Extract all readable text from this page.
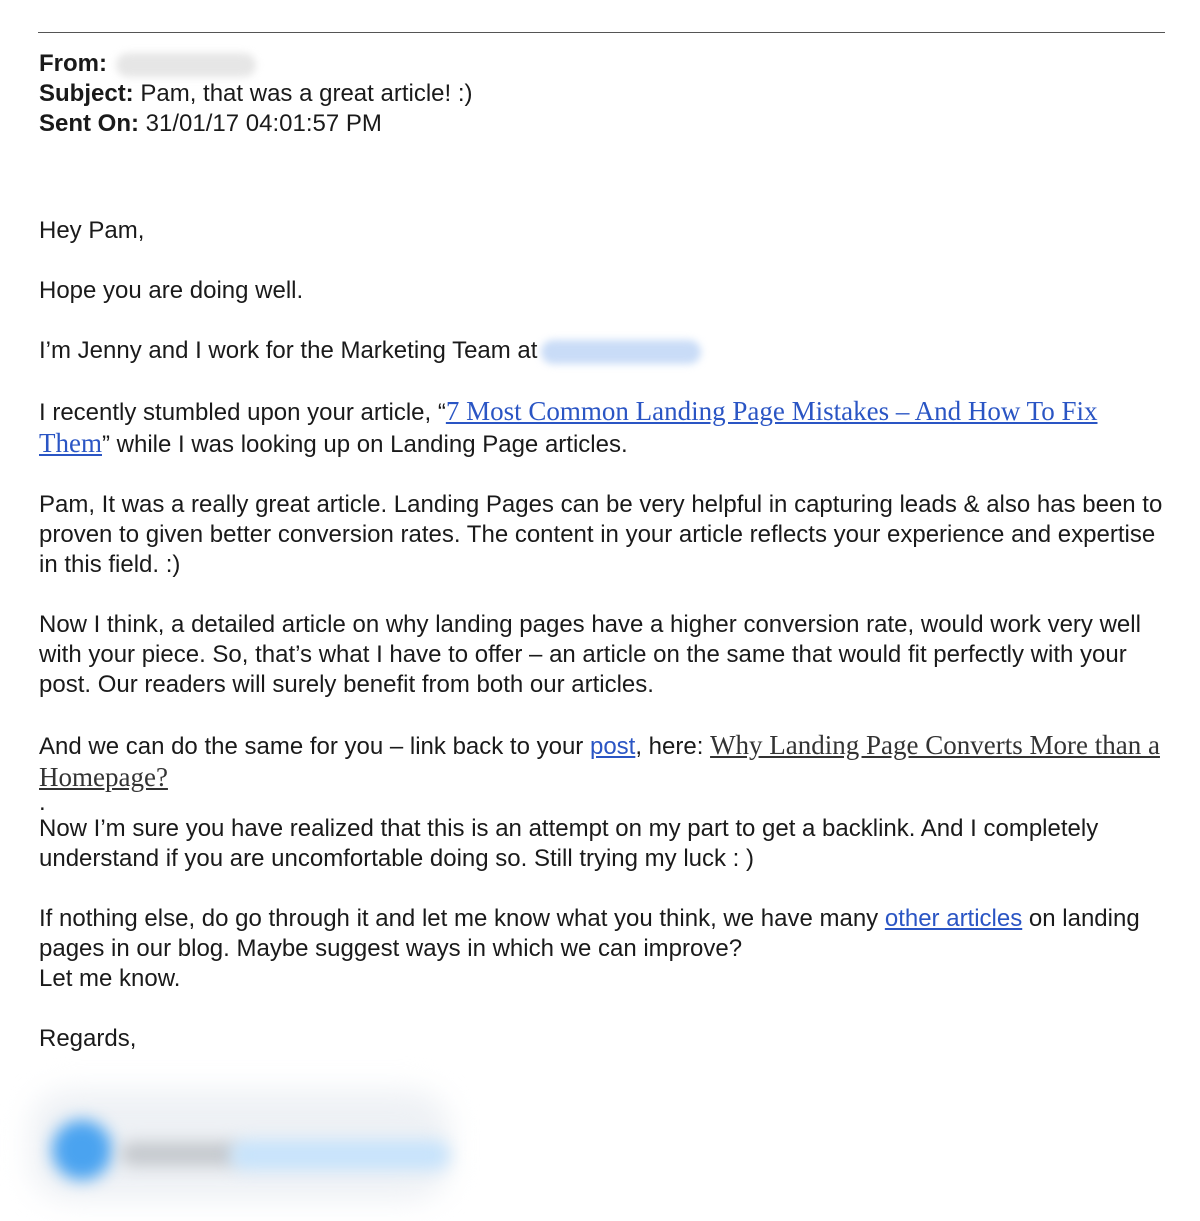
From:
Subject: Pam, that was a great article! :)
Sent On: 31/01/17 04:01:57 PM

Hey Pam,

Hope you are doing well.

I’m Jenny and I work for the Marketing Team at

I recently stumbled upon your article, “7 Most Common Landing Page Mistakes – And How To Fix Them” while I was looking up on Landing Page articles.

Pam, It was a really great article. Landing Pages can be very helpful in capturing leads & also has been to proven to given better conversion rates. The content in your article reflects your experience and expertise in this field. :)

Now I think, a detailed article on why landing pages have a higher conversion rate, would work very well with your piece. So, that’s what I have to offer – an article on the same that would fit perfectly with your post. Our readers will surely benefit from both our articles.

And we can do the same for you – link back to your post, here: Why Landing Page Converts More than a Homepage?

.

Now I’m sure you have realized that this is an attempt on my part to get a backlink. And I completely understand if you are uncomfortable doing so. Still trying my luck : )

If nothing else, do go through it and let me know what you think, we have many other articles on landing pages in our blog. Maybe suggest ways in which we can improve?

Let me know.

Regards,
